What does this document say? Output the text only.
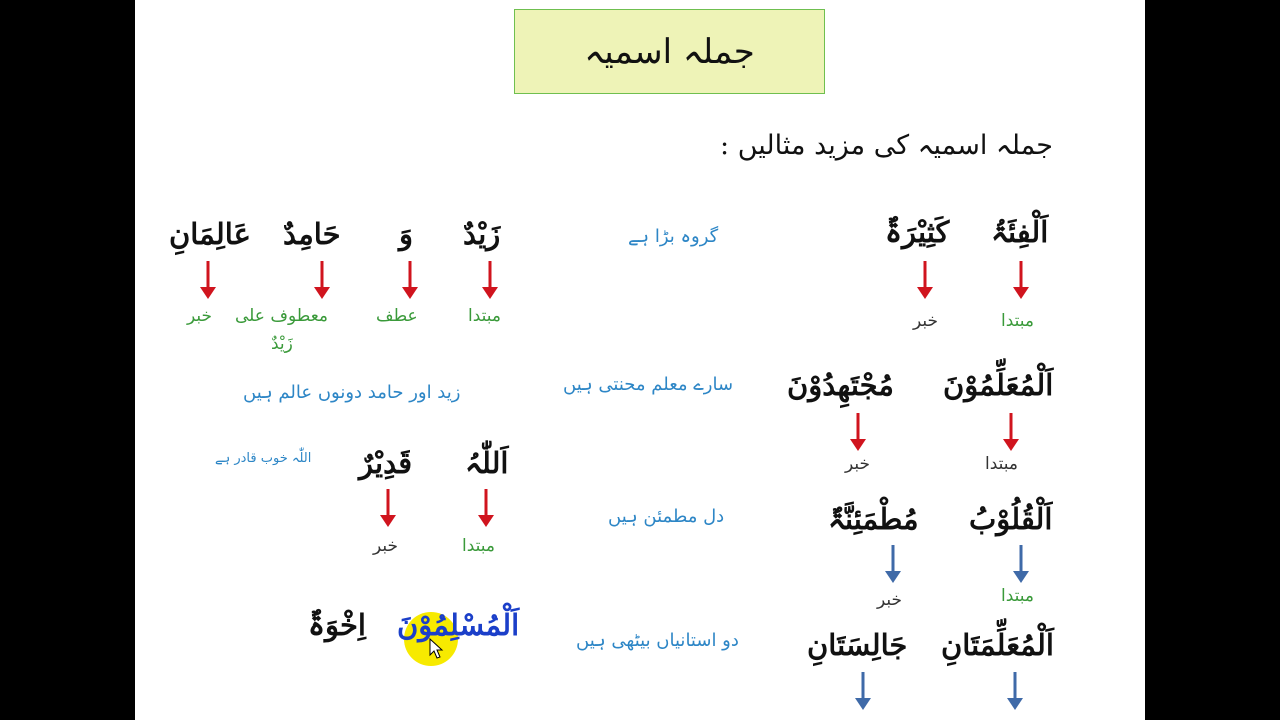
جملہ اسمیہ
جملہ اسمیہ کی مزید مثالیں :
اَلْفِئَۃُ
کَثِیْرَۃٌ
گروہ بڑا ہے
مبتدا
خبر
اَلْمُعَلِّمُوْنَ
مُجْتَهِدُوْنَ
سارے معلم محنتی ہیں
مبتدا
خبر
اَلْقُلُوْبُ
مُطْمَئِنَّۃٌ
دل مطمئن ہیں
مبتدا
خبر
اَلْمُعَلِّمَتَانِ
جَالِسَتَانِ
دو استانیاں بیٹھی ہیں
زَیْدٌ
وَ
حَامِدٌ
عَالِمَانِ
مبتدا
عطف
معطوف علی
زَیْدٌ
خبر
زید اور حامد دونوں عالم ہیں
اَللّٰہُ
قَدِیْرٌ
اللّٰہ خوب قادر ہے
مبتدا
خبر
اَلْمُسْلِمُوْنَ
اِخْوَۃٌ
